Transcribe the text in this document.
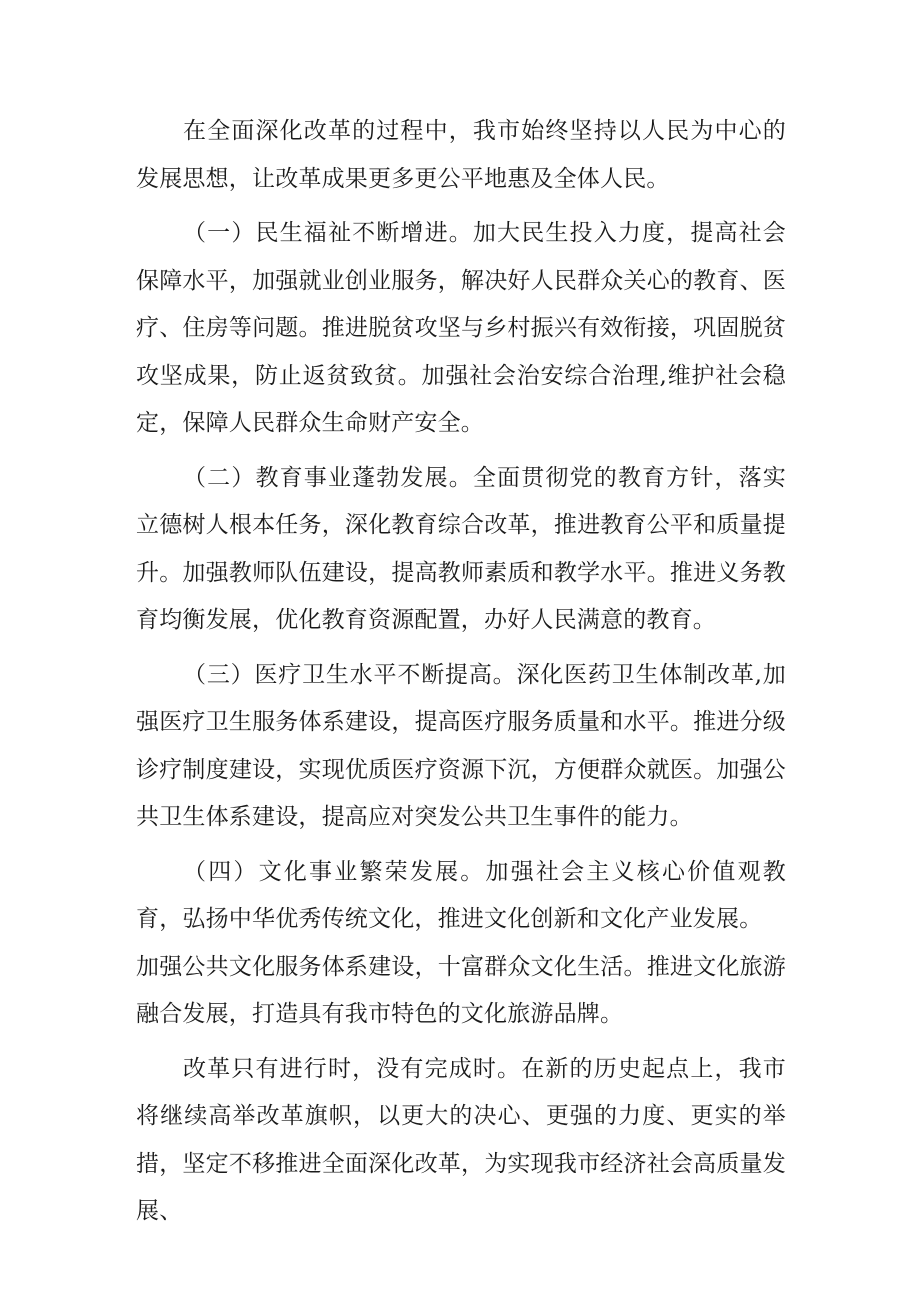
在全面深化改革的过程中，我市始终坚持以人民为中心的发展思想，让改革成果更多更公平地惠及全体人民。

（一）民生福祉不断增进。加大民生投入力度，提高社会保障水平，加强就业创业服务，解决好人民群众关心的教育、医疗、住房等问题。推进脱贫攻坚与乡村振兴有效衔接，巩固脱贫攻坚成果，防止返贫致贫。加强社会治安综合治理,维护社会稳定，保障人民群众生命财产安全。

（二）教育事业蓬勃发展。全面贯彻党的教育方针，落实立德树人根本任务，深化教育综合改革，推进教育公平和质量提升。加强教师队伍建设，提高教师素质和教学水平。推进义务教育均衡发展，优化教育资源配置，办好人民满意的教育。

（三）医疗卫生水平不断提高。深化医药卫生体制改革,加强医疗卫生服务体系建设，提高医疗服务质量和水平。推进分级诊疗制度建设，实现优质医疗资源下沉，方便群众就医。加强公共卫生体系建设，提高应对突发公共卫生事件的能力。

（四）文化事业繁荣发展。加强社会主义核心价值观教育，弘扬中华优秀传统文化，推进文化创新和文化产业发展。

加强公共文化服务体系建设，十富群众文化生活。推进文化旅游融合发展，打造具有我市特色的文化旅游品牌。

改革只有进行时，没有完成时。在新的历史起点上，我市将继续高举改革旗帜，以更大的决心、更强的力度、更实的举措，坚定不移推进全面深化改革，为实现我市经济社会高质量发展、
